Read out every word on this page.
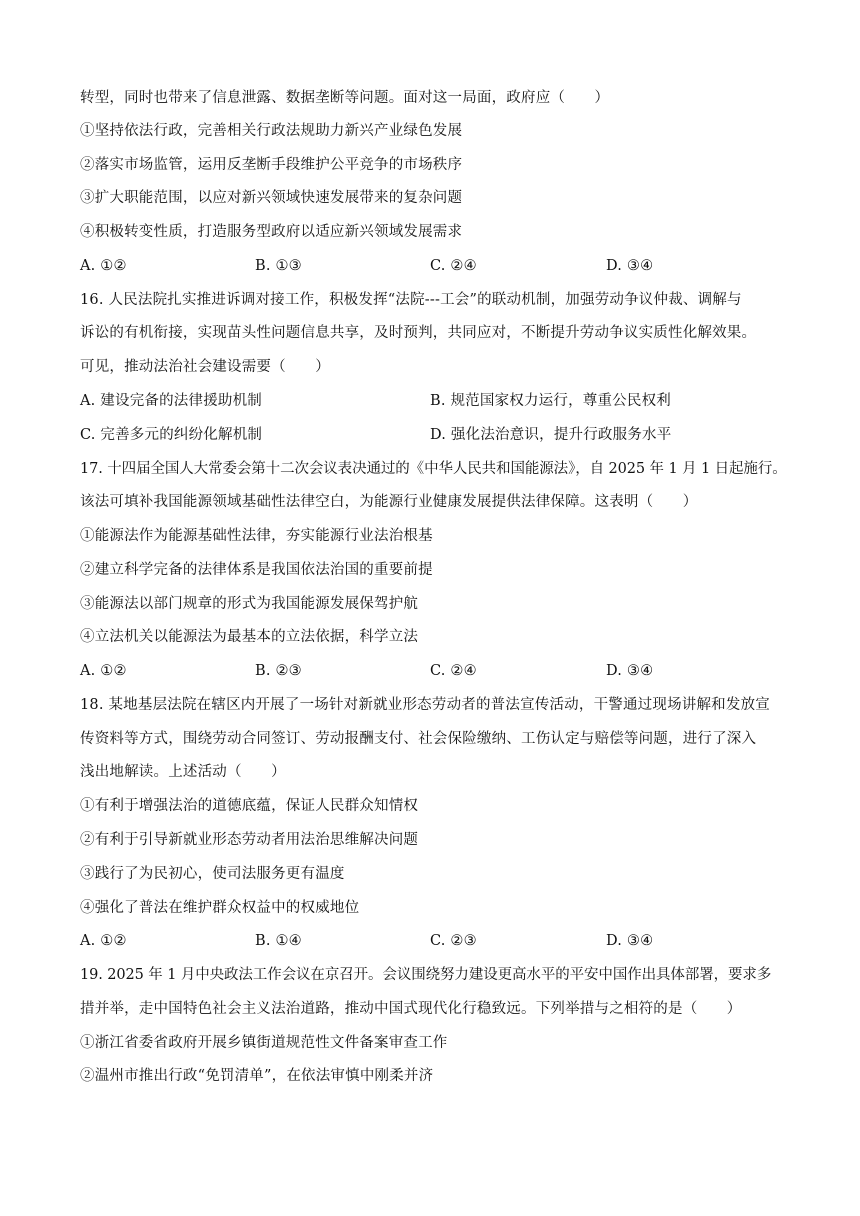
转型，同时也带来了信息泄露、数据垄断等问题。面对这一局面，政府应（　　）
①坚持依法行政，完善相关行政法规助力新兴产业绿色发展
②落实市场监管，运用反垄断手段维护公平竞争的市场秩序
③扩大职能范围，以应对新兴领域快速发展带来的复杂问题
④积极转变性质，打造服务型政府以适应新兴领域发展需求
A. ①②	B. ①③	C. ②④	D. ③④
16. 人民法院扎实推进诉调对接工作，积极发挥“法院---工会”的联动机制，加强劳动争议仲裁、调解与
诉讼的有机衔接，实现苗头性问题信息共享，及时预判，共同应对，不断提升劳动争议实质性化解效果。
可见，推动法治社会建设需要（　　）
A. 建设完备的法律援助机制	B. 规范国家权力运行，尊重公民权利
C. 完善多元的纠纷化解机制	D. 强化法治意识，提升行政服务水平
17. 十四届全国人大常委会第十二次会议表决通过的《中华人民共和国能源法》，自 2025 年 1 月 1 日起施行。
该法可填补我国能源领域基础性法律空白，为能源行业健康发展提供法律保障。这表明（　　）
①能源法作为能源基础性法律，夯实能源行业法治根基
②建立科学完备的法律体系是我国依法治国的重要前提
③能源法以部门规章的形式为我国能源发展保驾护航
④立法机关以能源法为最基本的立法依据，科学立法
A. ①②	B. ②③	C. ②④	D. ③④
18. 某地基层法院在辖区内开展了一场针对新就业形态劳动者的普法宣传活动，干警通过现场讲解和发放宣
传资料等方式，围绕劳动合同签订、劳动报酬支付、社会保险缴纳、工伤认定与赔偿等问题，进行了深入
浅出地解读。上述活动（　　）
①有利于增强法治的道德底蕴，保证人民群众知情权
②有利于引导新就业形态劳动者用法治思维解决问题
③践行了为民初心，使司法服务更有温度
④强化了普法在维护群众权益中的权威地位
A. ①②	B. ①④	C. ②③	D. ③④
19. 2025 年 1 月中央政法工作会议在京召开。会议围绕努力建设更高水平的平安中国作出具体部署，要求多
措并举，走中国特色社会主义法治道路，推动中国式现代化行稳致远。下列举措与之相符的是（　　）
①浙江省委省政府开展乡镇街道规范性文件备案审查工作
②温州市推出行政“免罚清单”，在依法审慎中刚柔并济
